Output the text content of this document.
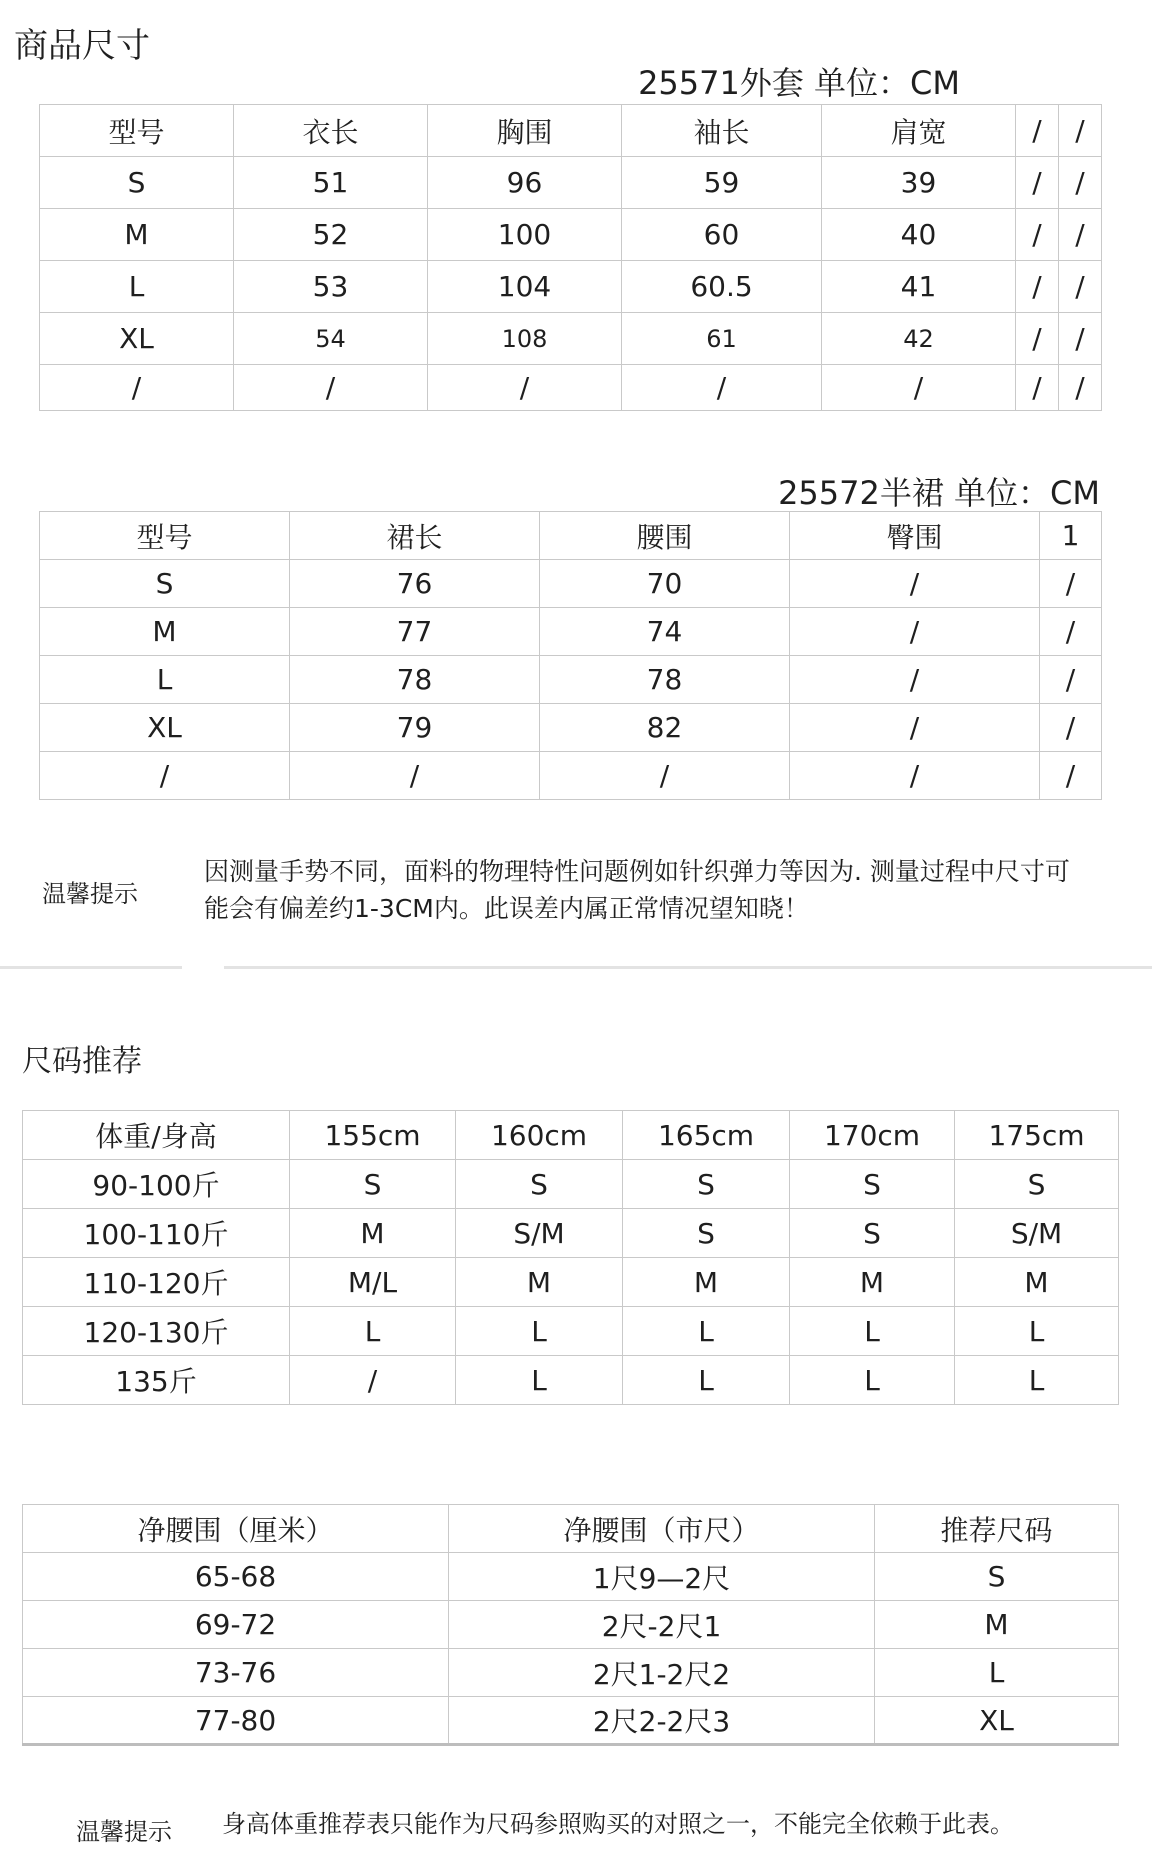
商品尺寸
25571外套 单位：CM
型号	衣长	胸围	袖长	肩宽	/	/
S	51	96	59	39	/	/
M	52	100	60	40	/	/
L	53	104	60.5	41	/	/
XL	54	108	61	42	/	/
/	/	/	/	/	/	/
25572半裙 单位：CM
型号	裙长	腰围	臀围	1
S	76	70	/	/
M	77	74	/	/
L	78	78	/	/
XL	79	82	/	/
/	/	/	/	/
温馨提示
因测量手势不同，面料的物理特性问题例如针织弹力等因为. 测量过程中尺寸可
能会有偏差约1-3CM内。此误差内属正常情况望知晓！
尺码推荐
体重/身高	155cm	160cm	165cm	170cm	175cm
90-100斤	S	S	S	S	S
100-110斤	M	S/M	S	S	S/M
110-120斤	M/L	M	M	M	M
120-130斤	L	L	L	L	L
135斤	/	L	L	L	L
净腰围（厘米）	净腰围（市尺）	推荐尺码
65-68	1尺9—2尺	S
69-72	2尺-2尺1	M
73-76	2尺1-2尺2	L
77-80	2尺2-2尺3	XL
温馨提示 身高体重推荐表只能作为尺码参照购买的对照之一，不能完全依赖于此表。
